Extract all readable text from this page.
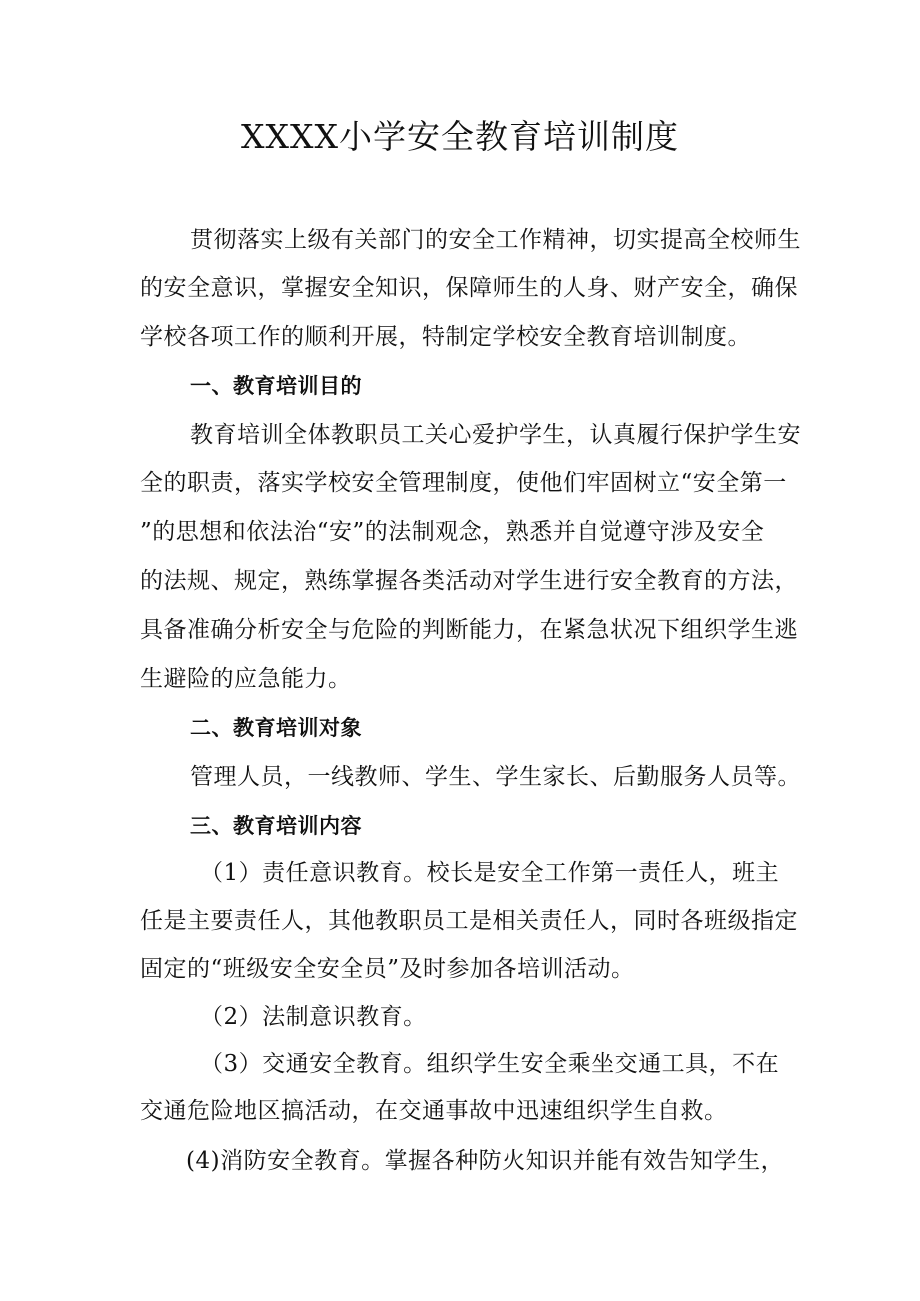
XXXX小学安全教育培训制度
贯彻落实上级有关部门的安全工作精神，切实提高全校师生
的安全意识，掌握安全知识，保障师生的人身、财产安全，确保
学校各项工作的顺利开展，特制定学校安全教育培训制度。
一、教育培训目的
教育培训全体教职员工关心爱护学生，认真履行保护学生安
全的职责，落实学校安全管理制度，使他们牢固树立“安全第一
”的思想和依法治“安”的法制观念，熟悉并自觉遵守涉及安全
的法规、规定，熟练掌握各类活动对学生进行安全教育的方法，
具备准确分析安全与危险的判断能力，在紧急状况下组织学生逃
生避险的应急能力。
二、教育培训对象
管理人员，一线教师、学生、学生家长、后勤服务人员等。
三、教育培训内容
（1）责任意识教育。校长是安全工作第一责任人，班主
任是主要责任人，其他教职员工是相关责任人，同时各班级指定
固定的“班级安全安全员”及时参加各培训活动。
（2）法制意识教育。
（3）交通安全教育。组织学生安全乘坐交通工具，不在
交通危险地区搞活动，在交通事故中迅速组织学生自救。
(4)消防安全教育。掌握各种防火知识并能有效告知学生，
